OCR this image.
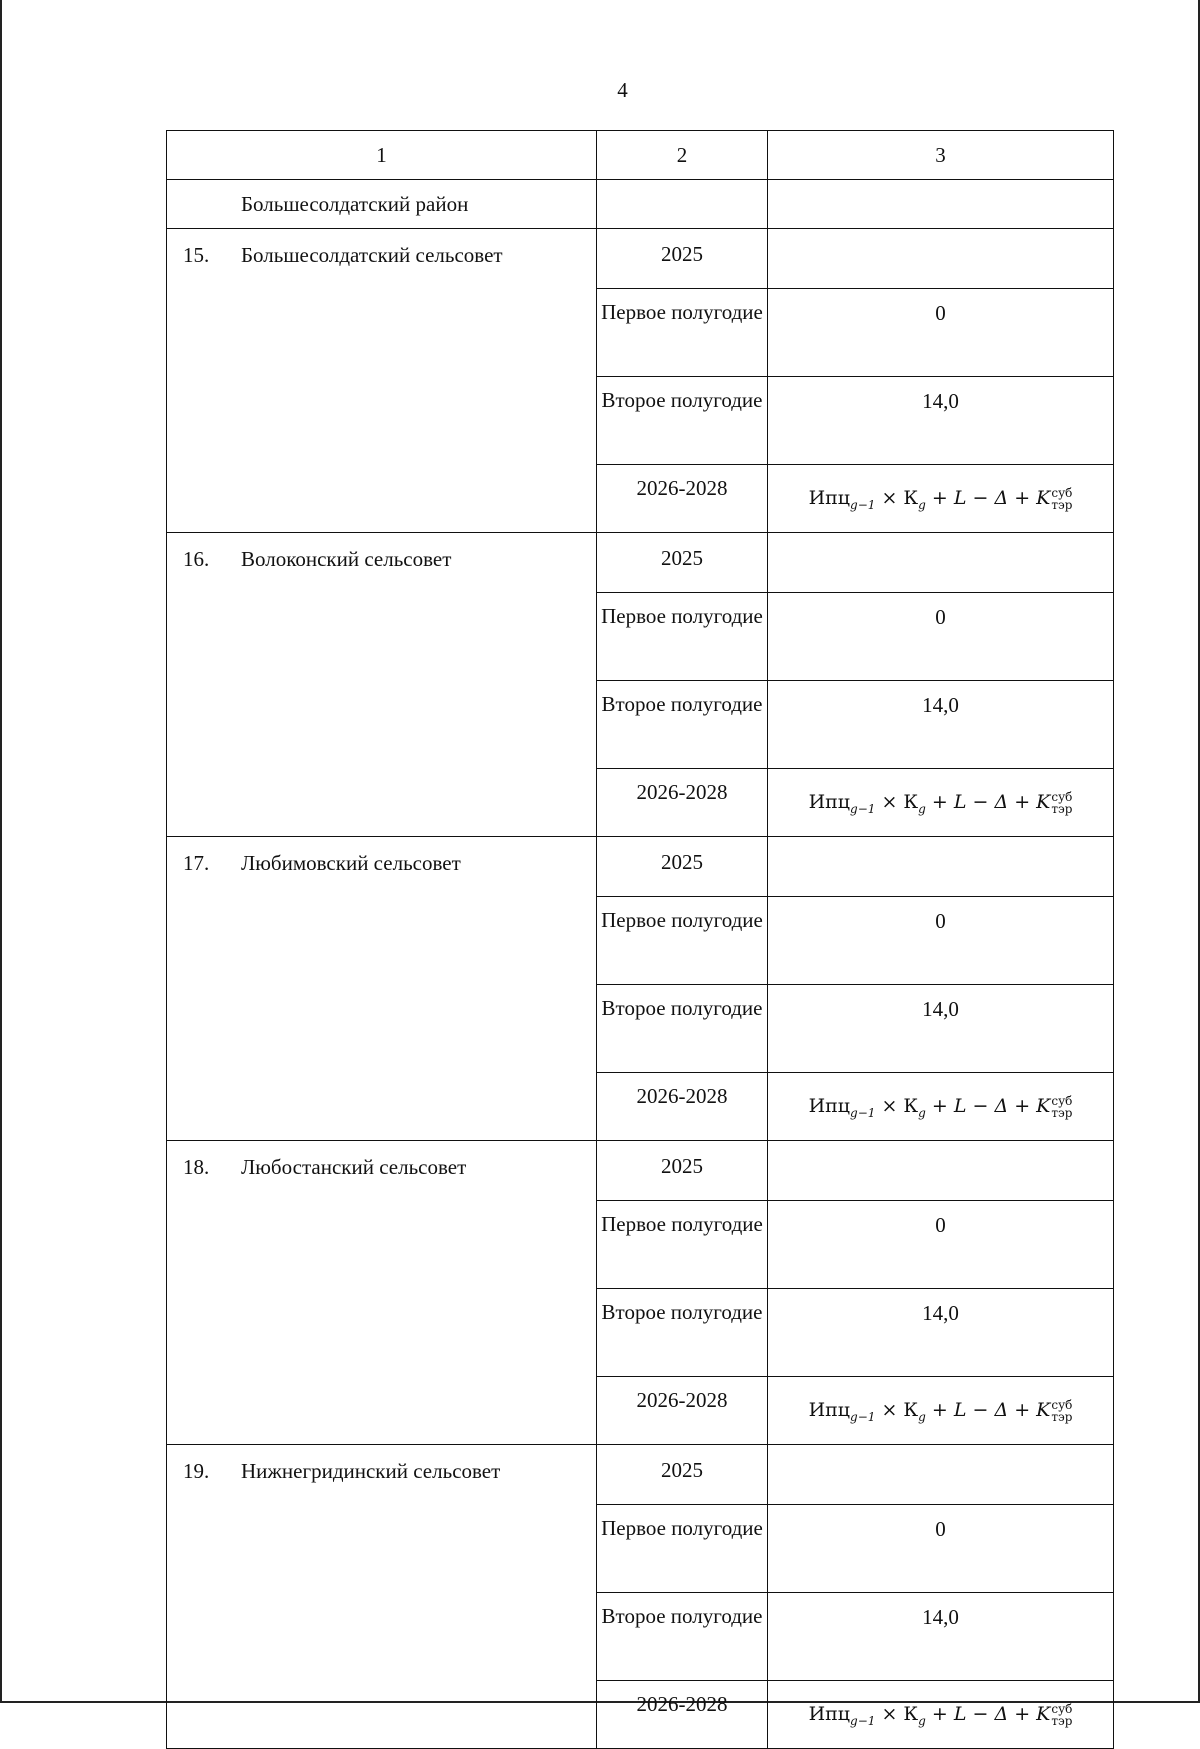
4
1	2	3
Большесолдатский район		
15. Большесолдатский сельсовет	2025	
	Первое полугодие	0
	Второе полугодие	14,0
	2026-2028	$Ипц_{g-1} \times К_g + L - \Delta + K$ суб
тэр

16. Волоконский сельсовет	2025	
	Первое полугодие	0
	Второе полугодие	14,0
	2026-2028	$Ипц_{g-1} \times К_g + L - \Delta + K$ суб
тэр

17. Любимовский сельсовет	2025	
	Первое полугодие	0
	Второе полугодие	14,0
	2026-2028	$Ипц_{g-1} \times К_g + L - \Delta + K$ суб
тэр

18. Любостанский сельсовет	2025	
	Первое полугодие	0
	Второе полугодие	14,0
	2026-2028	$Ипц_{g-1} \times К_g + L - \Delta + K$ суб
тэр

19. Нижнегридинский сельсовет	2025	
	Первое полугодие	0
	Второе полугодие	14,0
	2026-2028	$Ипц_{g-1} \times К_g + L - \Delta + K$ суб
тэр
